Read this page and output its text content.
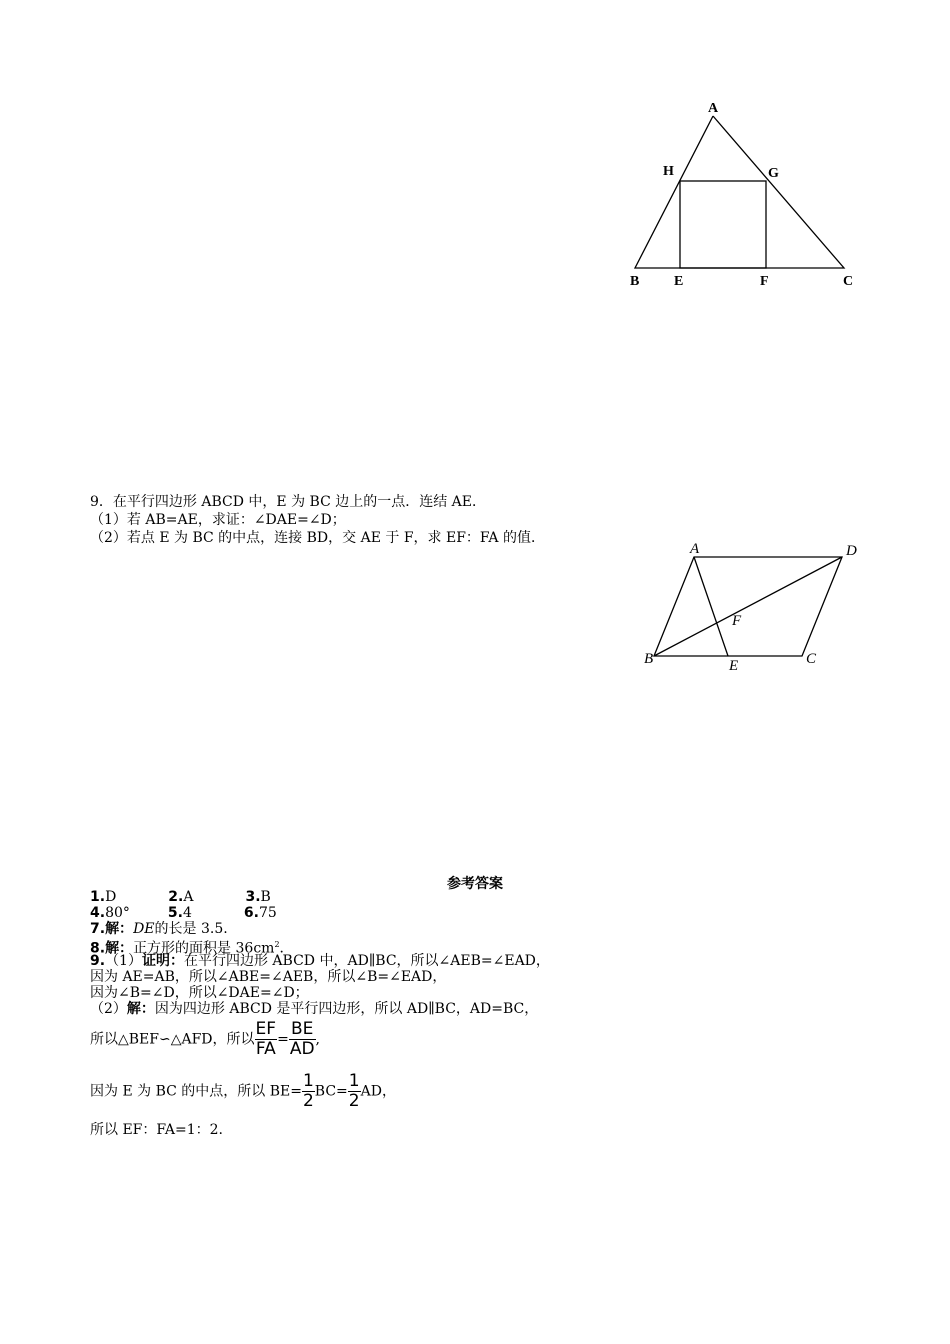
A
H	G
B E	F	C
9．在平行四边形 ABCD 中，E 为 BC 边上的一点．连结 AE．
（1）若 AB=AE，求证：∠DAE=∠D；
（2）若点 E 为 BC 的中点，连接 BD，交 AE 于 F，求 EF：FA 的值．
A	D
F
B	E	C
参考答案
1.D	2.A	3.B
4.80°	5.4	6.75
7.解：DE的长是 3.5.
8.解：正方形的面积是 $36cm^2$．
9.（1）证明：在平行四边形 ABCD 中，AD∥BC，所以∠AEB=∠EAD，
因为 AE=AB，所以∠ABE=∠AEB，所以∠B=∠EAD，
因为∠B=∠D，所以∠DAE=∠D；
（2）解：因为四边形 ABCD 是平行四边形，所以 AD∥BC，AD=BC，
所以△BEF∽△AFD，所以 $\frac{EF}{FA} = \frac{BE}{AD}$ ,
因为 E 为 BC 的中点，所以 $BE= \frac{1}{2} BC= \frac{1}{2}$ AD，
所以 EF：FA=1：2.
